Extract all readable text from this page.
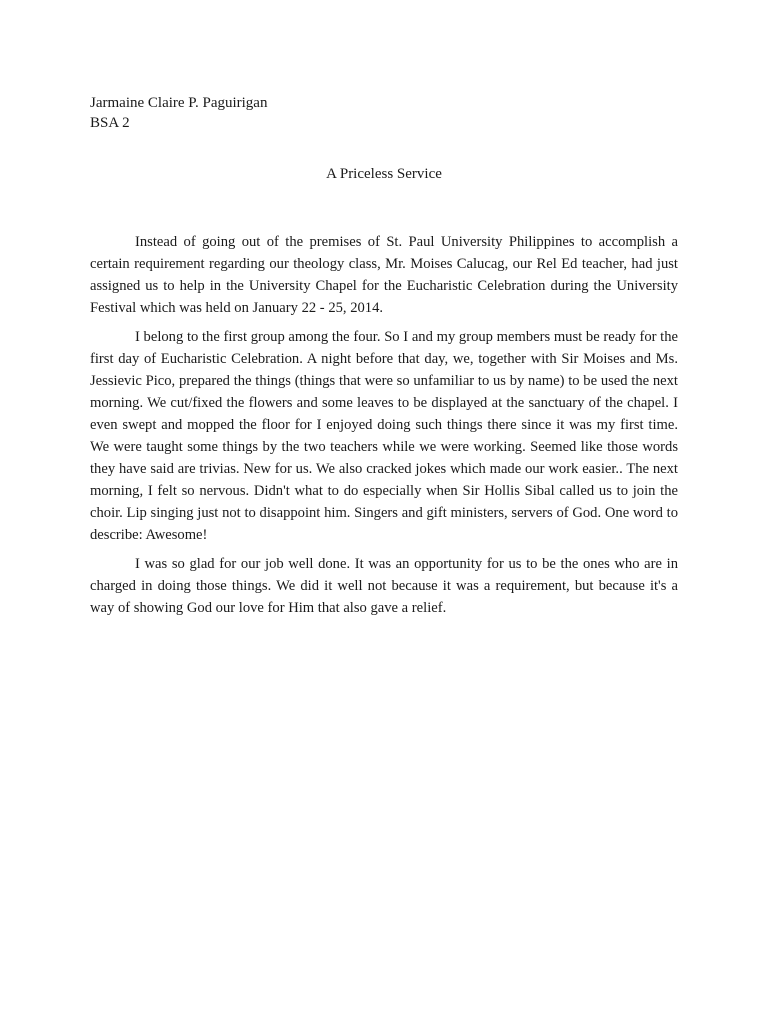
Jarmaine Claire P. Paguirigan
BSA 2
A Priceless Service

Instead of going out of the premises of St. Paul University Philippines to accomplish a certain requirement regarding our theology class, Mr. Moises Calucag, our Rel Ed teacher, had just assigned us to help in the University Chapel for the Eucharistic Celebration during the University Festival which was held on January 22 - 25, 2014.

I belong to the first group among the four. So I and my group members must be ready for the first day of Eucharistic Celebration. A night before that day, we, together with Sir Moises and Ms. Jessievic Pico, prepared the things (things that were so unfamiliar to us by name) to be used the next morning. We cut/fixed the flowers and some leaves to be displayed at the sanctuary of the chapel. I even swept and mopped the floor for I enjoyed doing such things there since it was my first time. We were taught some things by the two teachers while we were working. Seemed like those words they have said are trivias. New for us. We also cracked jokes which made our work easier.. The next morning, I felt so nervous. Didn't what to do especially when Sir Hollis Sibal called us to join the choir. Lip singing just not to disappoint him. Singers and gift ministers, servers of God. One word to describe: Awesome!

I was so glad for our job well done. It was an opportunity for us to be the ones who are in charged in doing those things. We did it well not because it was a requirement, but because it's a way of showing God our love for Him that also gave a relief.
